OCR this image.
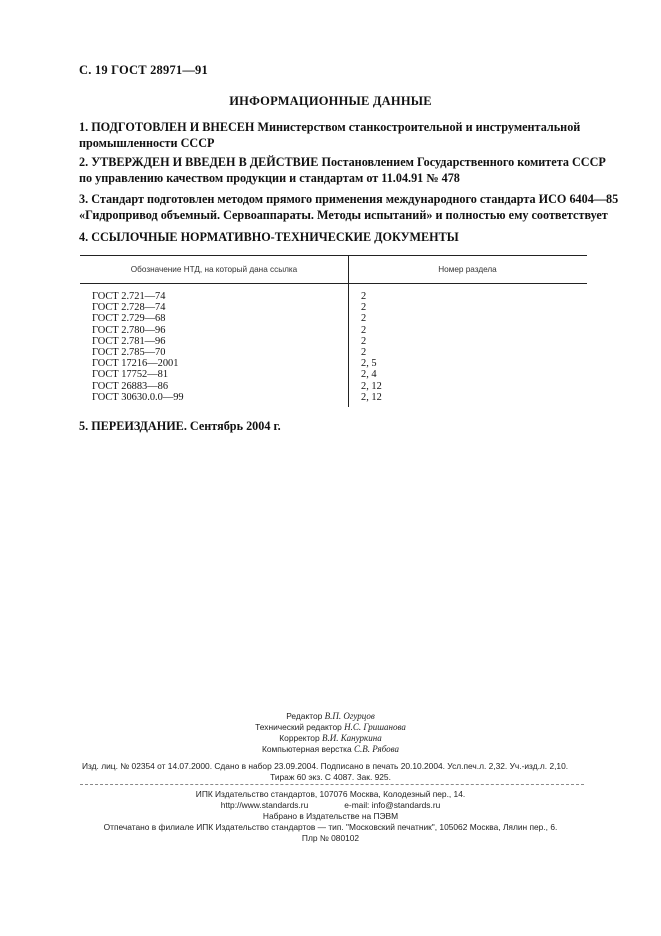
С. 19 ГОСТ 28971—91
ИНФОРМАЦИОННЫЕ ДАННЫЕ
1. ПОДГОТОВЛЕН И ВНЕСЕН Министерством станкостроительной и инструментальной промышленности СССР
2. УТВЕРЖДЕН И ВВЕДЕН В ДЕЙСТВИЕ Постановлением Государственного комитета СССР по управлению качеством продукции и стандартам от 11.04.91 № 478
3. Стандарт подготовлен методом прямого применения международного стандарта ИСО 6404—85 «Гидропривод объемный. Сервоаппараты. Методы испытаний» и полностью ему соответствует
4. ССЫЛОЧНЫЕ НОРМАТИВНО-ТЕХНИЧЕСКИЕ ДОКУМЕНТЫ
Обозначение НТД, на который дана ссылка	Номер раздела
ГОСТ 2.721—74	2
ГОСТ 2.728—74	2
ГОСТ 2.729—68	2
ГОСТ 2.780—96	2
ГОСТ 2.781—96	2
ГОСТ 2.785—70	2
ГОСТ 17216—2001	2, 5
ГОСТ 17752—81	2, 4
ГОСТ 26883—86	2, 12
ГОСТ 30630.0.0—99	2, 12
5. ПЕРЕИЗДАНИЕ. Сентябрь 2004 г.
Редактор В.П. Огурцов
Технический редактор Н.С. Гришанова
Корректор В.И. Кануркина
Компьютерная верстка С.В. Рябова
Изд. лиц. № 02354 от 14.07.2000. Сдано в набор 23.09.2004. Подписано в печать 20.10.2004. Усл.печ.л. 2,32. Уч.-изд.л. 2,10.
Тираж 60 экз. С 4087. Зак. 925.
ИПК Издательство стандартов, 107076 Москва, Колодезный пер., 14.
http://www.standards.ru	e-mail: info@standards.ru
Набрано в Издательстве на ПЭВМ
Отпечатано в филиале ИПК Издательство стандартов — тип. "Московский печатник", 105062 Москва, Лялин пер., 6.
Плр № 080102
